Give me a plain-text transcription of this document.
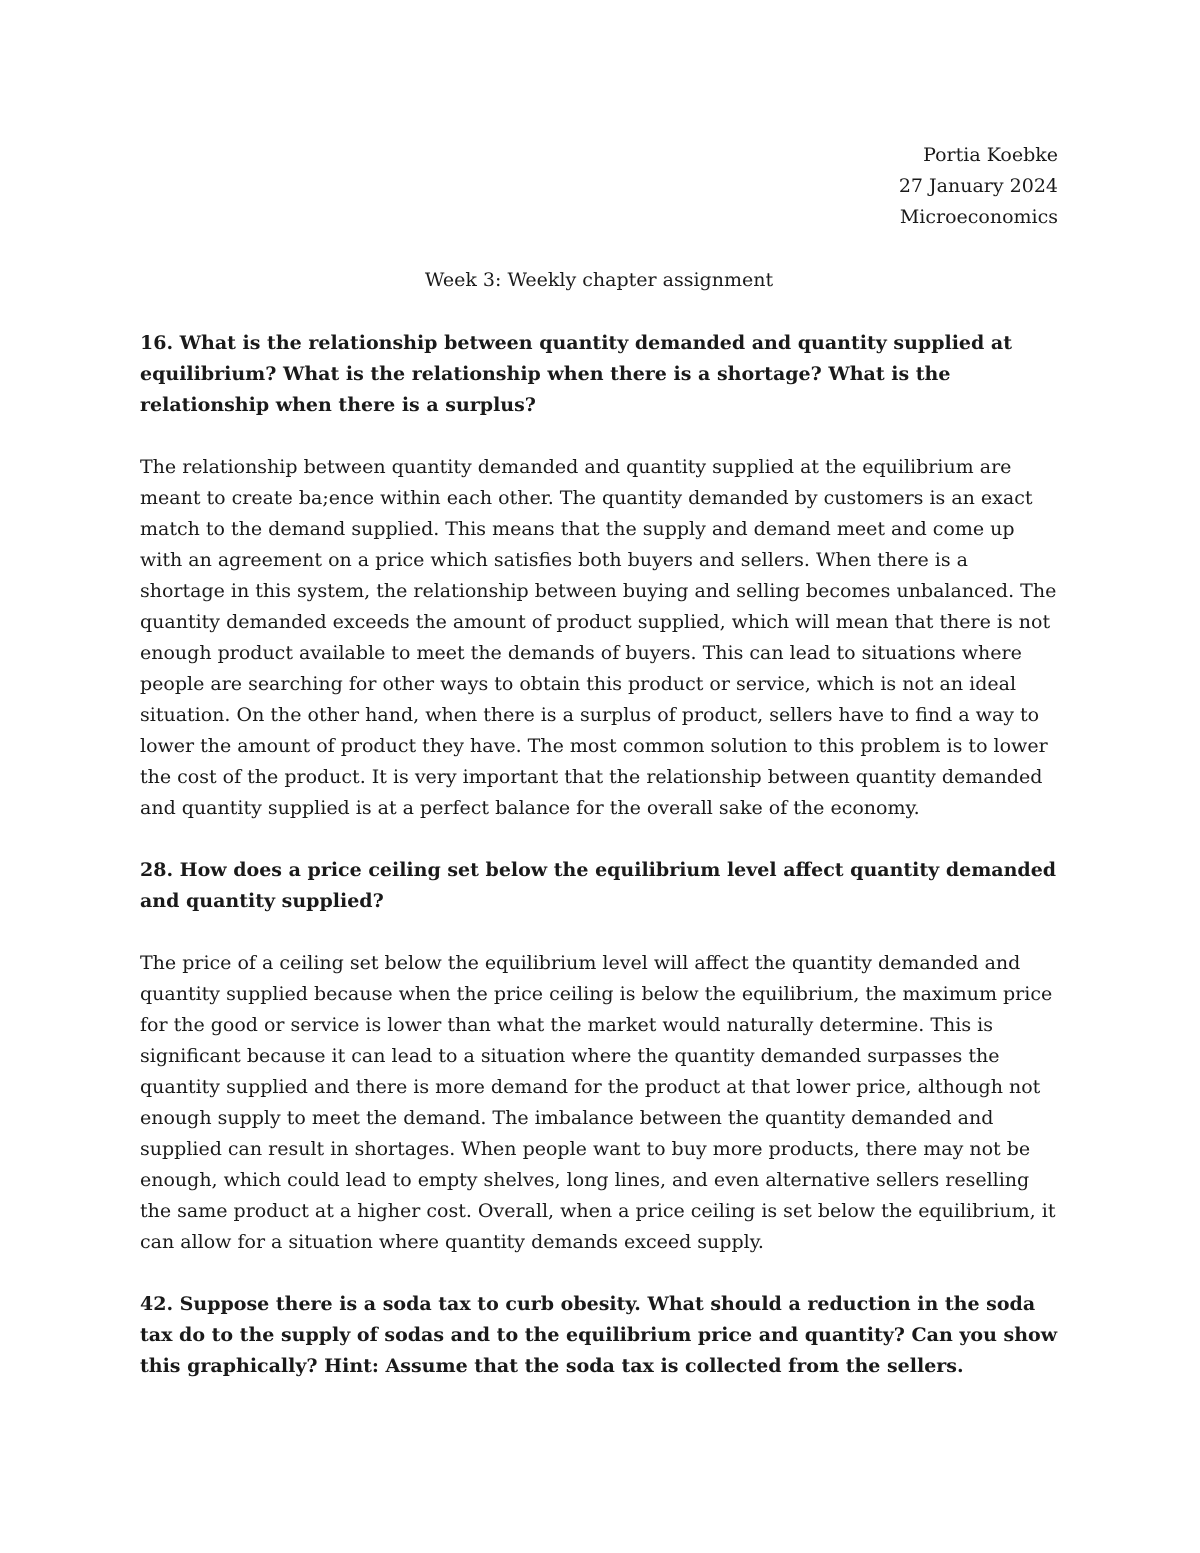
Portia Koebke
27 January 2024
Microeconomics
Week 3: Weekly chapter assignment
16. What is the relationship between quantity demanded and quantity supplied at equilibrium? What is the relationship when there is a shortage? What is the relationship when there is a surplus?
The relationship between quantity demanded and quantity supplied at the equilibrium are meant to create ba;ence within each other. The quantity demanded by customers is an exact match to the demand supplied. This means that the supply and demand meet and come up with an agreement on a price which satisfies both buyers and sellers. When there is a shortage in this system, the relationship between buying and selling becomes unbalanced. The quantity demanded exceeds the amount of product supplied, which will mean that there is not enough product available to meet the demands of buyers. This can lead to situations where people are searching for other ways to obtain this product or service, which is not an ideal situation. On the other hand, when there is a surplus of product, sellers have to find a way to lower the amount of product they have. The most common solution to this problem is to lower the cost of the product. It is very important that the relationship between quantity demanded and quantity supplied is at a perfect balance for the overall sake of the economy.
28. How does a price ceiling set below the equilibrium level affect quantity demanded and quantity supplied?
The price of a ceiling set below the equilibrium level will affect the quantity demanded and quantity supplied because when the price ceiling is below the equilibrium, the maximum price for the good or service is lower than what the market would naturally determine. This is significant because it can lead to a situation where the quantity demanded surpasses the quantity supplied and there is more demand for the product at that lower price, although not enough supply to meet the demand. The imbalance between the quantity demanded and supplied can result in shortages. When people want to buy more products, there may not be enough, which could lead to empty shelves, long lines, and even alternative sellers reselling the same product at a higher cost. Overall, when a price ceiling is set below the equilibrium, it can allow for a situation where quantity demands exceed supply.
42. Suppose there is a soda tax to curb obesity. What should a reduction in the soda tax do to the supply of sodas and to the equilibrium price and quantity? Can you show this graphically? Hint: Assume that the soda tax is collected from the sellers.
